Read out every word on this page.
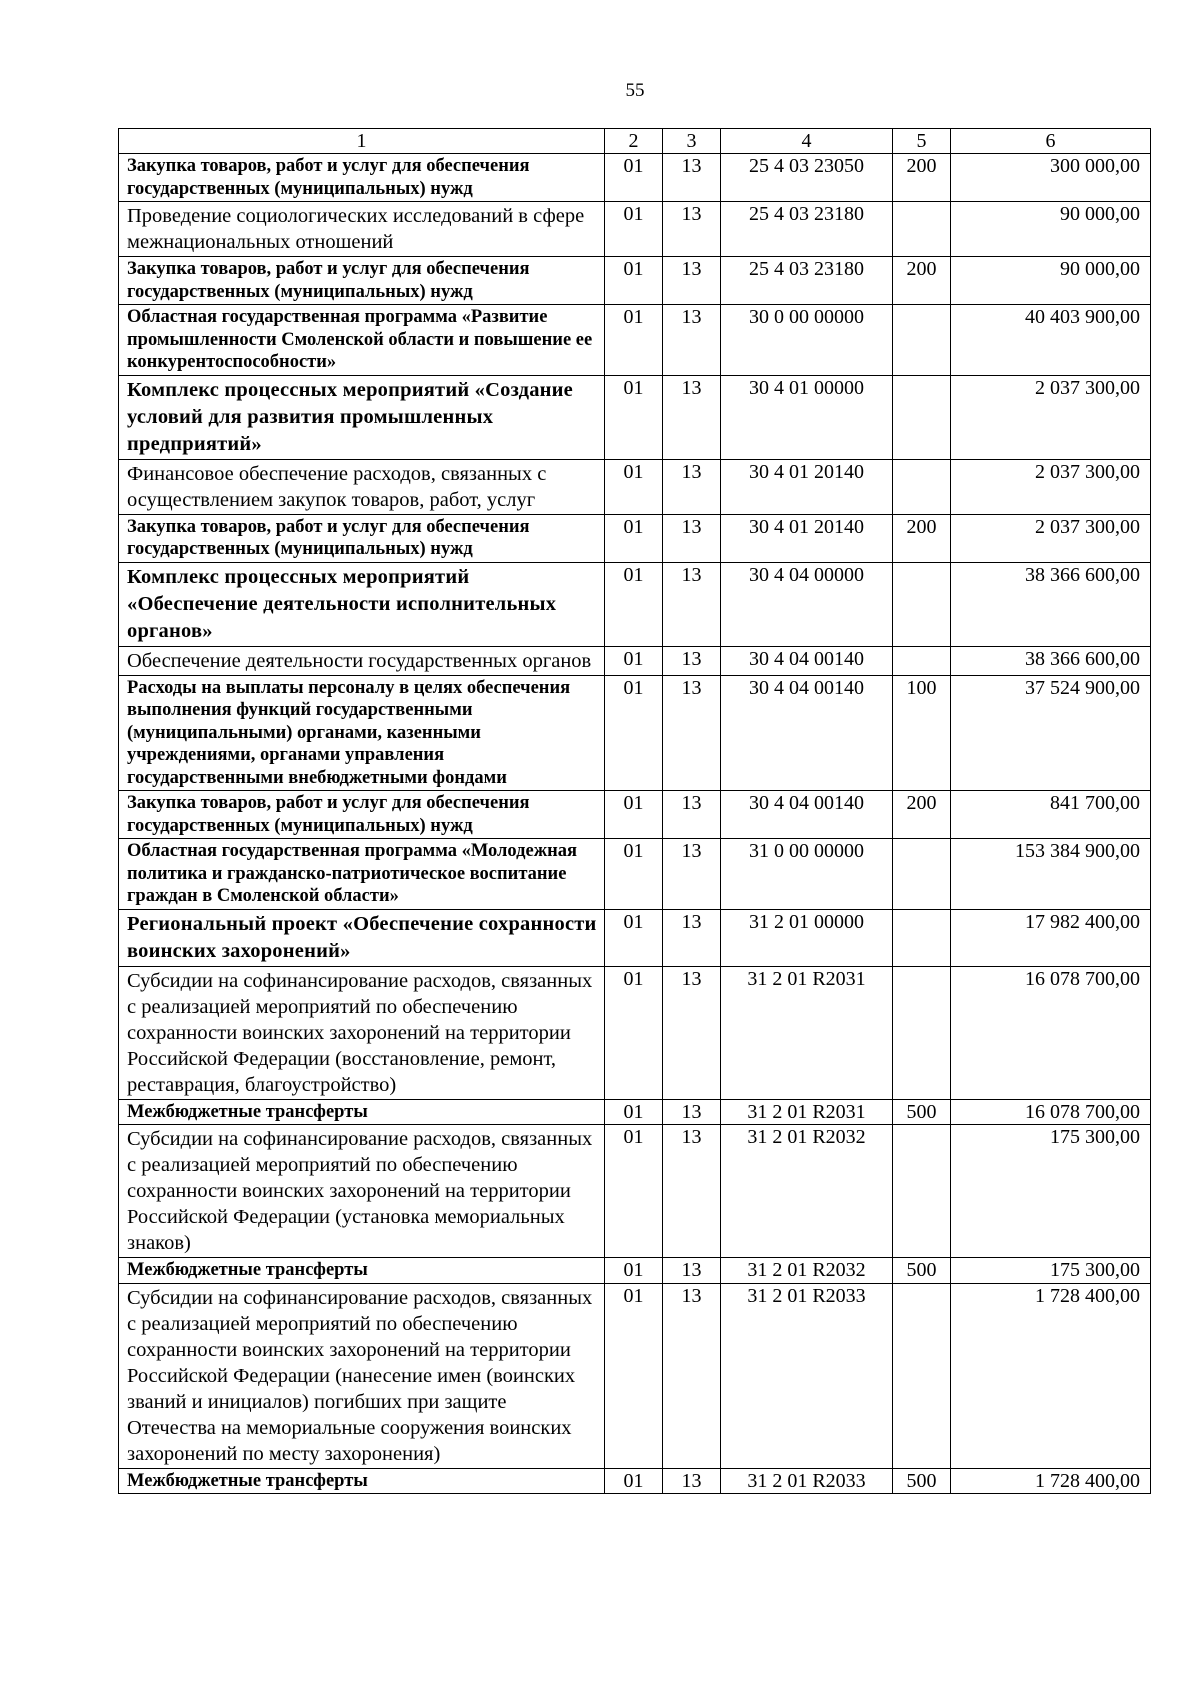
55
1	2	3	4	5	6
Закупка товаров, работ и услуг для обеспечения государственных (муниципальных) нужд	01	13	25 4 03 23050	200	300 000,00
Проведение социологических исследований в сфере межнациональных отношений	01	13	25 4 03 23180		90 000,00
Закупка товаров, работ и услуг для обеспечения государственных (муниципальных) нужд	01	13	25 4 03 23180	200	90 000,00
Областная государственная программа «Развитие промышленности Смоленской области и повышение ее конкурентоспособности»	01	13	30 0 00 00000		40 403 900,00
Комплекс процессных мероприятий «Создание условий для развития промышленных предприятий»	01	13	30 4 01 00000		2 037 300,00
Финансовое обеспечение расходов, связанных с осуществлением закупок товаров, работ, услуг	01	13	30 4 01 20140		2 037 300,00
Закупка товаров, работ и услуг для обеспечения государственных (муниципальных) нужд	01	13	30 4 01 20140	200	2 037 300,00
Комплекс процессных мероприятий «Обеспечение деятельности исполнительных органов»	01	13	30 4 04 00000		38 366 600,00
Обеспечение деятельности государственных органов	01	13	30 4 04 00140		38 366 600,00
Расходы на выплаты персоналу в целях обеспечения выполнения функций государственными (муниципальными) органами, казенными учреждениями, органами управления государственными внебюджетными фондами	01	13	30 4 04 00140	100	37 524 900,00
Закупка товаров, работ и услуг для обеспечения государственных (муниципальных) нужд	01	13	30 4 04 00140	200	841 700,00
Областная государственная программа «Молодежная политика и гражданско-патриотическое воспитание граждан в Смоленской области»	01	13	31 0 00 00000		153 384 900,00
Региональный проект «Обеспечение сохранности воинских захоронений»	01	13	31 2 01 00000		17 982 400,00
Субсидии на софинансирование расходов, связанных с реализацией мероприятий по обеспечению сохранности воинских захоронений на территории Российской Федерации (восстановление, ремонт, реставрация, благоустройство)	01	13	31 2 01 R2031		16 078 700,00
Межбюджетные трансферты	01	13	31 2 01 R2031	500	16 078 700,00
Субсидии на софинансирование расходов, связанных с реализацией мероприятий по обеспечению сохранности воинских захоронений на территории Российской Федерации (установка мемориальных знаков)	01	13	31 2 01 R2032		175 300,00
Межбюджетные трансферты	01	13	31 2 01 R2032	500	175 300,00
Субсидии на софинансирование расходов, связанных с реализацией мероприятий по обеспечению сохранности воинских захоронений на территории Российской Федерации (нанесение имен (воинских званий и инициалов) погибших при защите Отечества на мемориальные сооружения воинских захоронений по месту захоронения)	01	13	31 2 01 R2033		1 728 400,00
Межбюджетные трансферты	01	13	31 2 01 R2033	500	1 728 400,00
